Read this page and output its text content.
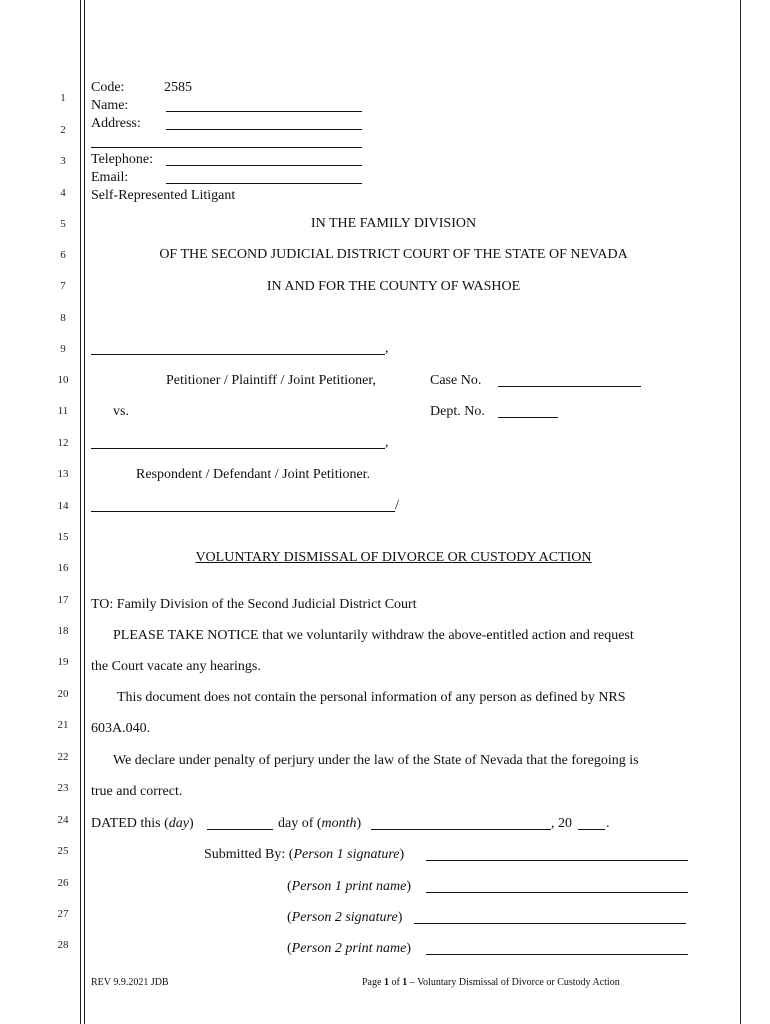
1
2
3
4
5
6
7
8
9
10
11
12
13
14
15
16
17
18
19
20
21
22
23
24
25
26
27
28
Code:	2585
Name:
Address:
Telephone:
Email:
Self-Represented Litigant
IN THE FAMILY DIVISION
OF THE SECOND JUDICIAL DISTRICT COURT OF THE STATE OF NEVADA
IN AND FOR THE COUNTY OF WASHOE
,
Petitioner / Plaintiff / Joint Petitioner,	Case No.
vs.	Dept. No.
,
Respondent / Defendant / Joint Petitioner.
/
VOLUNTARY DISMISSAL OF DIVORCE OR CUSTODY ACTION
TO: Family Division of the Second Judicial District Court
PLEASE TAKE NOTICE that we voluntarily withdraw the above-entitled action and request
the Court vacate any hearings.
This document does not contain the personal information of any person as defined by NRS
603A.040.
We declare under penalty of perjury under the law of the State of Nevada that the foregoing is
true and correct.
DATED this (day)	day of (month)	, 20 .
Submitted By: (Person 1 signature)
(Person 1 print name)
(Person 2 signature)
(Person 2 print name)
REV 9.9.2021 JDB	Page 1 of 1 – Voluntary Dismissal of Divorce or Custody Action
